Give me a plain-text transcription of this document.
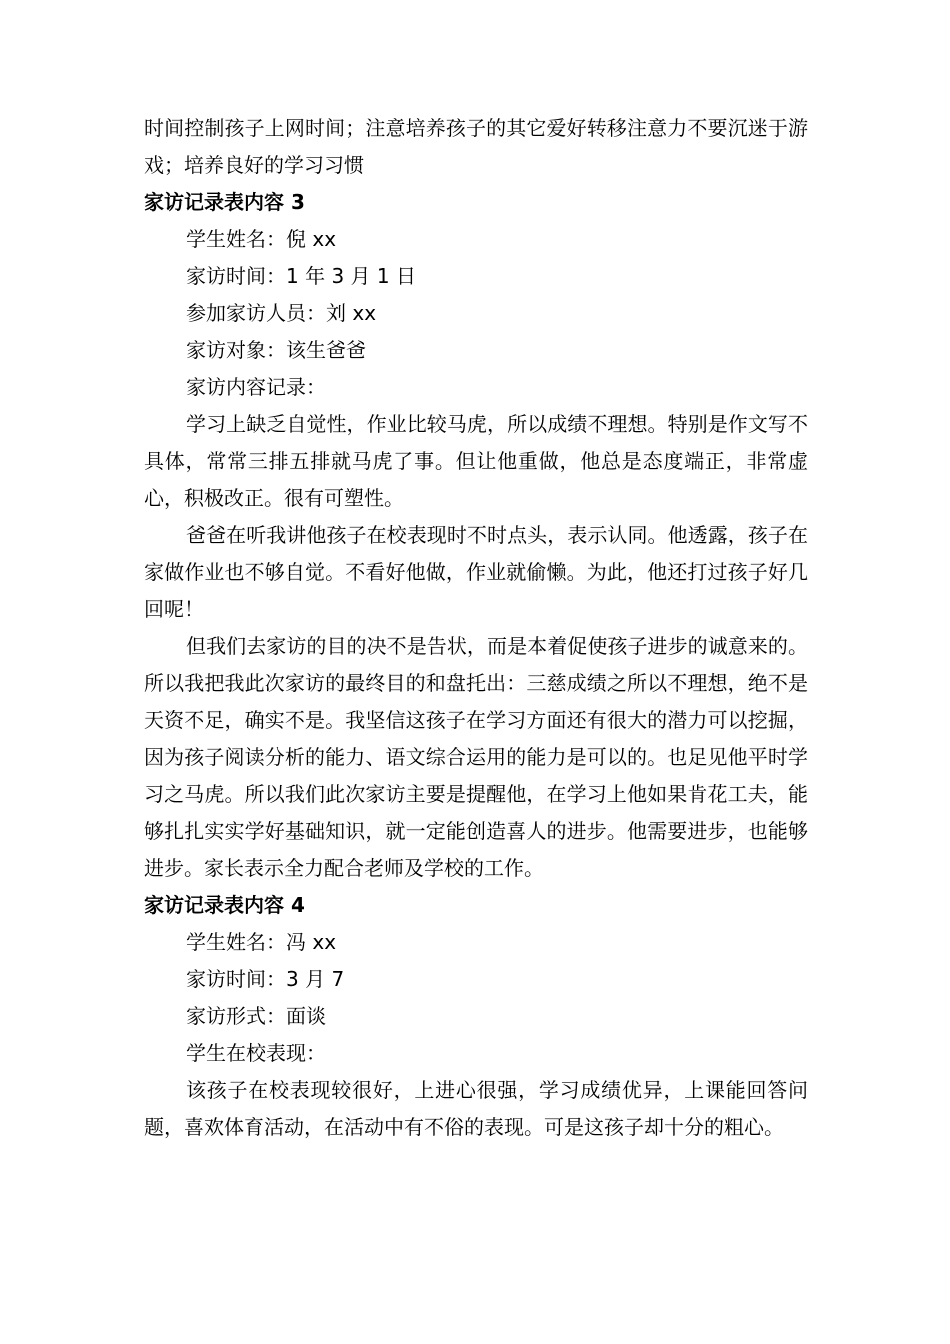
时间控制孩子上网时间；注意培养孩子的其它爱好转移注意力不要沉迷于游戏；培养良好的学习习惯

家访记录表内容 3

学生姓名：倪 xx

家访时间：1 年 3 月 1 日

参加家访人员：刘 xx

家访对象：该生爸爸

家访内容记录：

学习上缺乏自觉性，作业比较马虎，所以成绩不理想。特别是作文写不具体，常常三排五排就马虎了事。但让他重做，他总是态度端正，非常虚心，积极改正。很有可塑性。

爸爸在听我讲他孩子在校表现时不时点头，表示认同。他透露，孩子在家做作业也不够自觉。不看好他做，作业就偷懒。为此，他还打过孩子好几回呢！

但我们去家访的目的决不是告状，而是本着促使孩子进步的诚意来的。所以我把我此次家访的最终目的和盘托出：三慈成绩之所以不理想，绝不是天资不足，确实不是。我坚信这孩子在学习方面还有很大的潜力可以挖掘，因为孩子阅读分析的能力、语文综合运用的能力是可以的。也足见他平时学习之马虎。所以我们此次家访主要是提醒他，在学习上他如果肯花工夫，能够扎扎实实学好基础知识，就一定能创造喜人的进步。他需要进步，也能够进步。家长表示全力配合老师及学校的工作。

家访记录表内容 4

学生姓名：冯 xx

家访时间：3 月 7

家访形式：面谈

学生在校表现：

该孩子在校表现较很好，上进心很强，学习成绩优异，上课能回答问题，喜欢体育活动，在活动中有不俗的表现。可是这孩子却十分的粗心。
